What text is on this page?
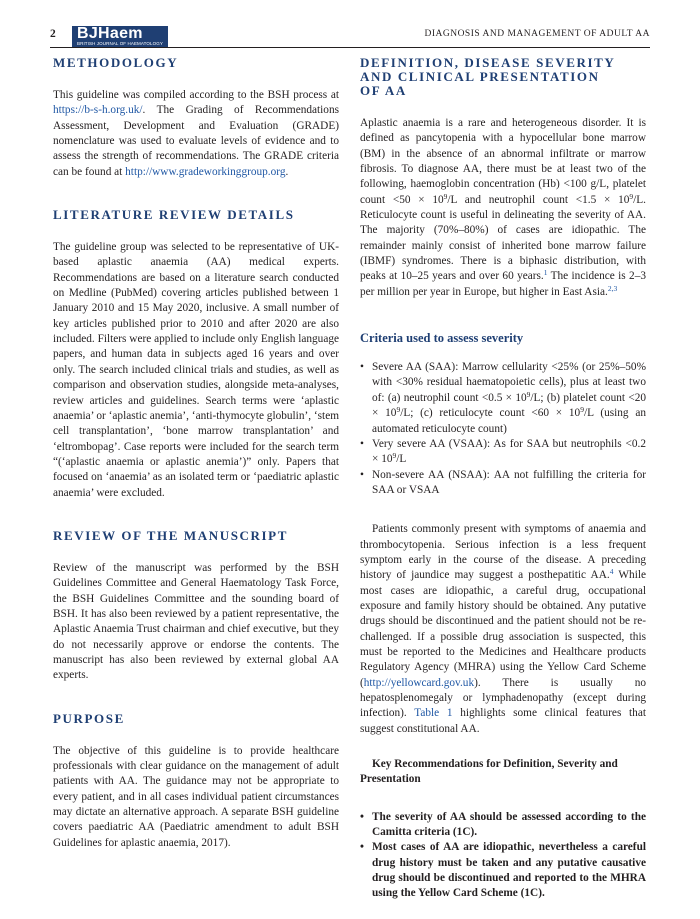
2 BJHaem
BRITISH JOURNAL OF HAEMATOLOGY
DIAGNOSIS AND MANAGEMENT OF ADULT AA
METHODOLOGY

This guideline was compiled according to the BSH process at https://b-s-h.org.uk/. The Grading of Recommendations Assessment, Development and Evaluation (GRADE) nomenclature was used to evaluate levels of evidence and to assess the strength of recommendations. The GRADE criteria can be found at http://www.gradeworkinggroup.org.

LITERATURE REVIEW DETAILS

The guideline group was selected to be representative of UK-based aplastic anaemia (AA) medical experts. Recommendations are based on a literature search conducted on Medline (PubMed) covering articles published between 1 January 2010 and 15 May 2020, inclusive. A small number of key articles published prior to 2010 and after 2020 are also included. Filters were applied to include only English language papers, and human data in subjects aged 16 years and over only. The search included clinical trials and studies, as well as comparison and observation studies, alongside meta-analyses, review articles and guidelines. Search terms were ‘aplastic anaemia’ or ‘aplastic anemia’, ‘anti-thymocyte globulin’, ‘stem cell transplantation’, ‘bone marrow transplantation’ and ‘eltrombopag’. Case reports were included for the search term “(‘aplastic anaemia or aplastic anemia’)” only. Papers that focused on ‘anaemia’ as an isolated term or ‘paediatric aplastic anaemia’ were excluded.

REVIEW OF THE MANUSCRIPT

Review of the manuscript was performed by the BSH Guidelines Committee and General Haematology Task Force, the BSH Guidelines Committee and the sounding board of BSH. It has also been reviewed by a patient representative, the Aplastic Anaemia Trust chairman and chief executive, but they do not necessarily approve or endorse the contents. The manuscript has also been reviewed by external global AA experts.

PURPOSE

The objective of this guideline is to provide healthcare professionals with clear guidance on the management of adult patients with AA. The guidance may not be appropriate to every patient, and in all cases individual patient circumstances may dictate an alternative approach. A separate BSH guideline covers paediatric AA (Paediatric amendment to adult BSH Guidelines for aplastic anaemia, 2017).

DEFINITION, DISEASE SEVERITY
AND CLINICAL PRESENTATION
OF AA

Aplastic anaemia is a rare and heterogeneous disorder. It is defined as pancytopenia with a hypocellular bone marrow (BM) in the absence of an abnormal infiltrate or marrow fibrosis. To diagnose AA, there must be at least two of the following, haemoglobin concentration (Hb) <100 g/L, platelet count $<50 \times 10^9/L$ and neutrophil count $<1.5 \times 10^9/L$. Reticulocyte count is useful in delineating the severity of AA. The majority (70%–80%) of cases are idiopathic. The remainder mainly consist of inherited bone marrow failure (IBMF) syndromes. There is a biphasic distribution, with peaks at 10–25 years and over 60 years.$^1$ The incidence is 2–3 per million per year in Europe, but higher in East Asia.$^{2,3}$

Criteria used to assess severity
• Severe AA (SAA): Marrow cellularity <25% (or 25%–50% with <30% residual haematopoietic cells), plus at least two of: (a) neutrophil count $<0.5 \times 10^9/L$; (b) platelet count $<20 \times 10^9/L$; (c) reticulocyte count $<60 \times 10^9/L$ (using an automated reticulocyte count)
• Very severe AA (VSAA): As for SAA but neutrophils $<0.2 \times 10^9/L$
• Non-severe AA (NSAA): AA not fulfilling the criteria for SAA or VSAA

Patients commonly present with symptoms of anaemia and thrombocytopenia. Serious infection is a less frequent symptom early in the course of the disease. A preceding history of jaundice may suggest a posthepatitic AA.$^4$ While most cases are idiopathic, a careful drug, occupational exposure and family history should be obtained. Any putative drugs should be discontinued and the patient should not be re-challenged. If a possible drug association is suspected, this must be reported to the Medicines and Healthcare products Regulatory Agency (MHRA) using the Yellow Card Scheme (http://yellowcard.gov.uk). There is usually no hepatosplenomegaly or lymphadenopathy (except during infection). Table 1 highlights some clinical features that suggest constitutional AA.

Key Recommendations for Definition, Severity and Presentation

• The severity of AA should be assessed according to the Camitta criteria (1C).
• Most cases of AA are idiopathic, nevertheless a careful drug history must be taken and any putative causative drug should be discontinued and reported to the MHRA using the Yellow Card Scheme (1C).
